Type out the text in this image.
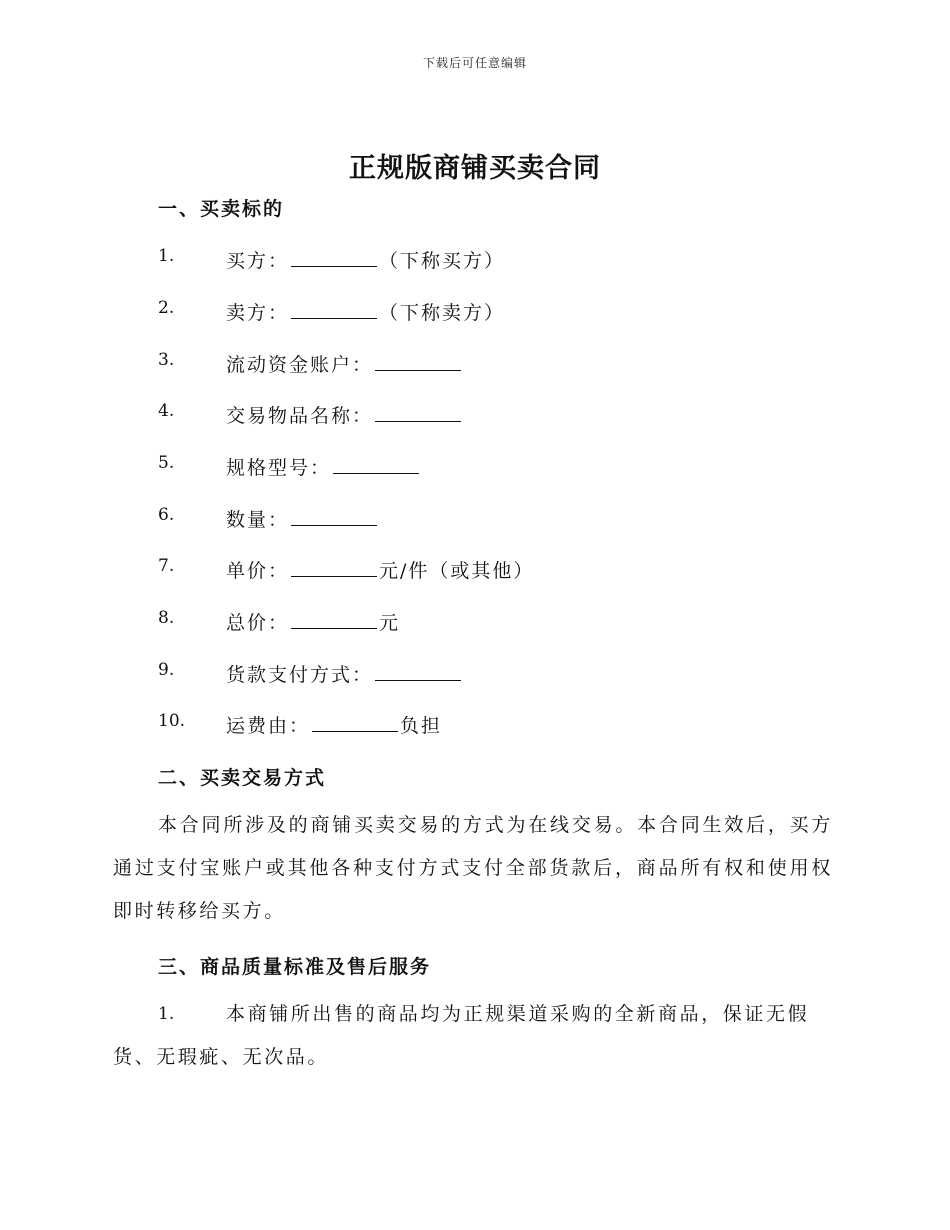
下载后可任意编辑
正规版商铺买卖合同
一、买卖标的
1.	买方：	（下称买方）
2.	卖方：	（下称卖方）
3.	流动资金账户：
4.	交易物品名称：
5.	规格型号：
6.	数量：
7.	单价：	元/件（或其他）
8.	总价：	元
9.	货款支付方式：
10. 运费由：	负担
二、买卖交易方式
本合同所涉及的商铺买卖交易的方式为在线交易。本合同生效后，买方通过支付宝账户或其他各种支付方式支付全部货款后，商品所有权和使用权即时转移给买方。
三、商品质量标准及售后服务
1.	本商铺所出售的商品均为正规渠道采购的全新商品，保证无假货、无瑕疵、无次品。
